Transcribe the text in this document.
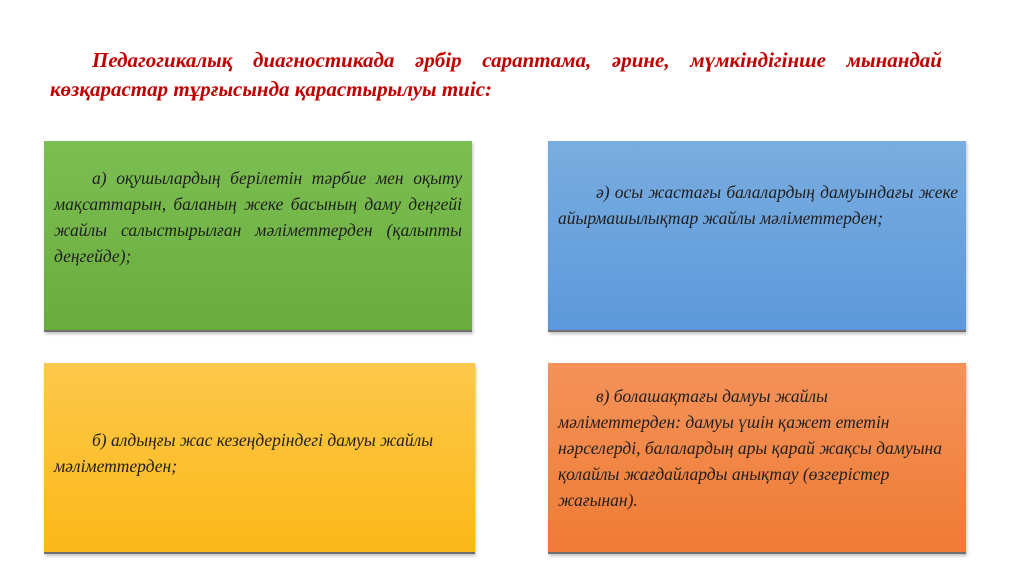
Педагогикалық диагностикада әрбір сараптама, әрине, мүмкіндігінше мынандай көзқарастар тұрғысында қарастырылуы тиіс:

а) оқушылардың берілетін тәрбие мен оқыту мақсаттарын, баланың жеке басының даму деңгейі жайлы салыстырылған мәліметтерден (қалыпты деңгейде);

ә) осы жастағы балалардың дамуындағы жеке айырмашылықтар жайлы мәліметтерден;

б) алдыңғы жас кезеңдеріндегі дамуы жайлы мәліметтерден;

в) болашақтағы дамуы жайлы мәліметтерден: дамуы үшін қажет ететін нәрселерді, балалардың ары қарай жақсы дамуына қолайлы жағдайларды анықтау (өзгерістер жағынан).
